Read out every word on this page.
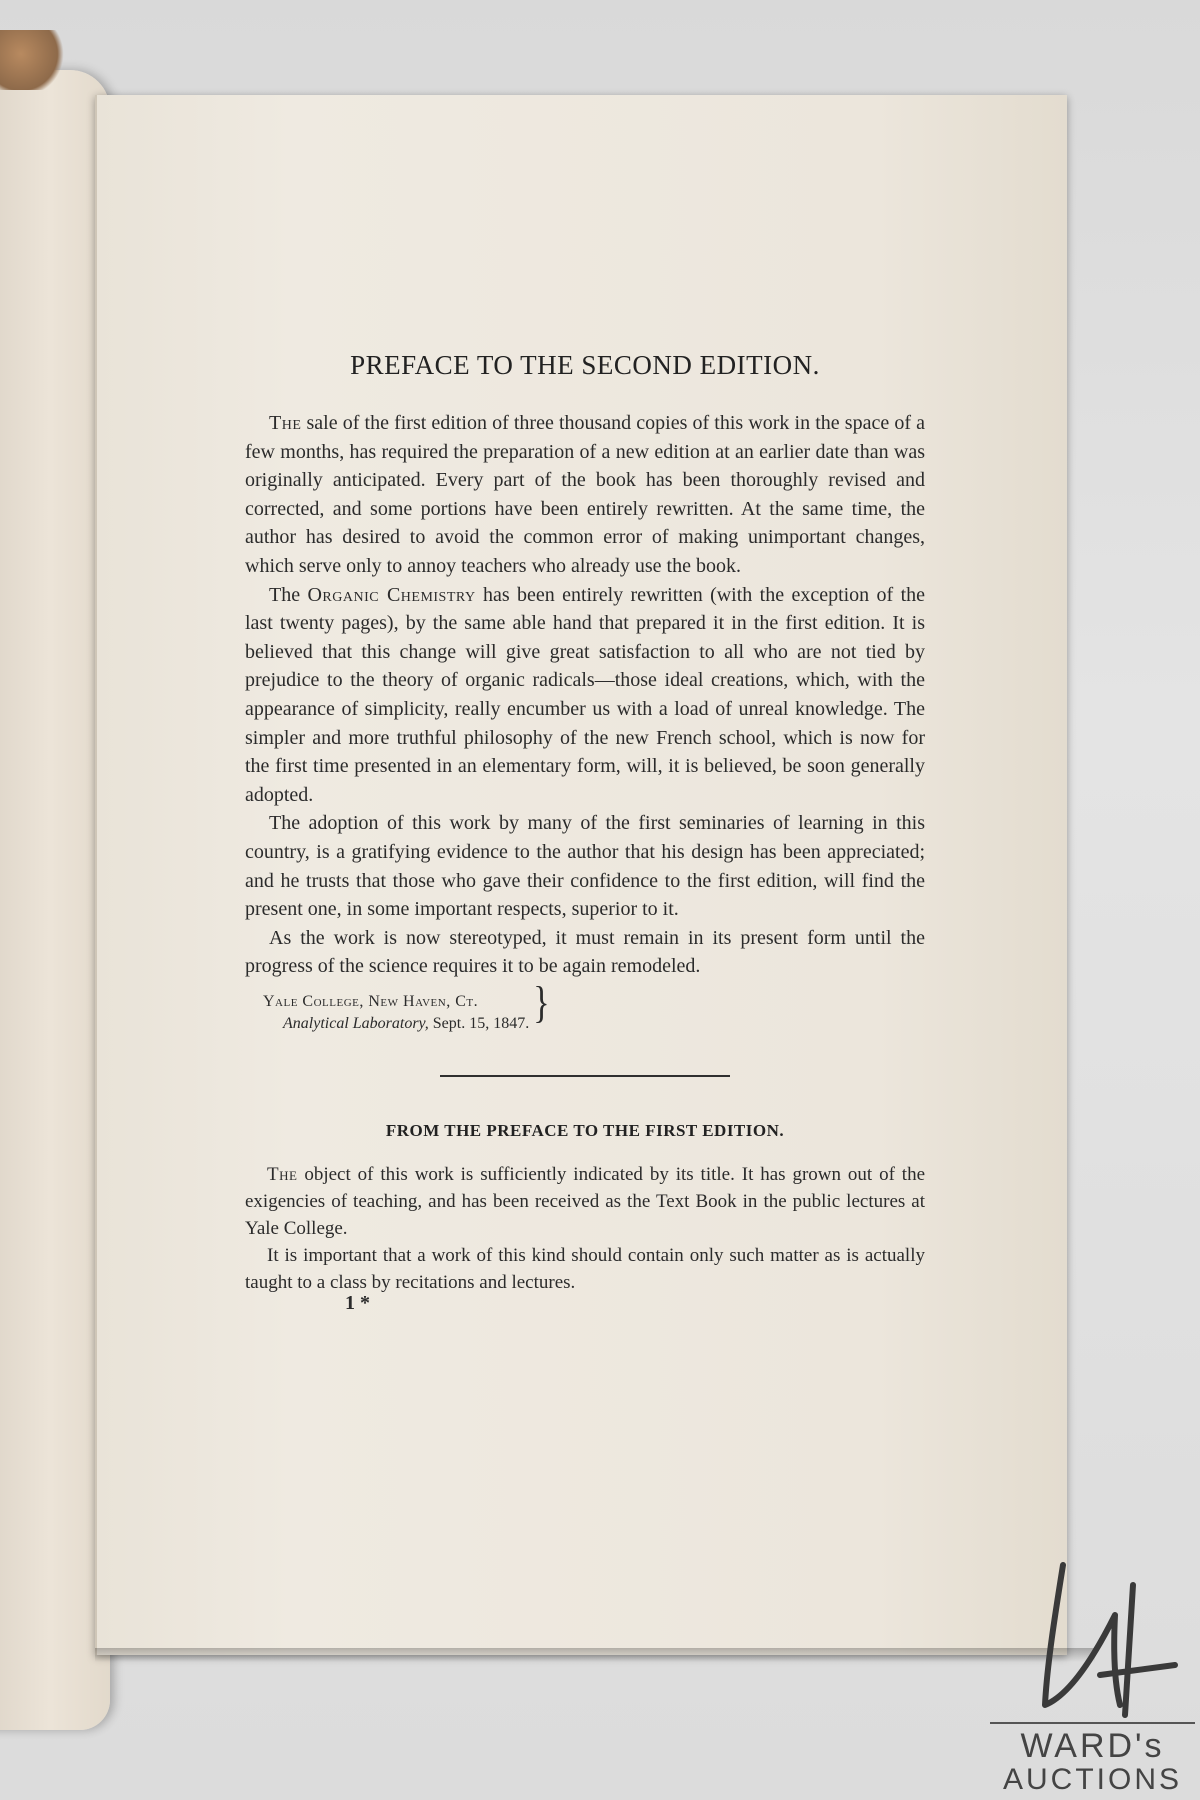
PREFACE TO THE SECOND EDITION.

The sale of the first edition of three thousand copies of this work in the space of a few months, has required the preparation of a new edition at an earlier date than was originally anticipated. Every part of the book has been thoroughly revised and corrected, and some portions have been entirely rewritten. At the same time, the author has desired to avoid the common error of making unimportant changes, which serve only to annoy teachers who already use the book.

The Organic Chemistry has been entirely rewritten (with the exception of the last twenty pages), by the same able hand that prepared it in the first edition. It is believed that this change will give great satisfaction to all who are not tied by prejudice to the theory of organic radicals—those ideal creations, which, with the appearance of simplicity, really encumber us with a load of unreal knowledge. The simpler and more truthful philosophy of the new French school, which is now for the first time presented in an elementary form, will, it is believed, be soon generally adopted.

The adoption of this work by many of the first seminaries of learning in this country, is a gratifying evidence to the author that his design has been appreciated; and he trusts that those who gave their confidence to the first edition, will find the present one, in some important respects, superior to it.

As the work is now stereotyped, it must remain in its present form until the progress of the science requires it to be again remodeled.

Yale College, New Haven, Ct.
Analytical Laboratory, Sept. 15, 1847. }
FROM THE PREFACE TO THE FIRST EDITION.

The object of this work is sufficiently indicated by its title. It has grown out of the exigencies of teaching, and has been received as the Text Book in the public lectures at Yale College.

It is important that a work of this kind should contain only such matter as is actually taught to a class by recitations and lectures.

1 *
WARD's
AUCTIONS
